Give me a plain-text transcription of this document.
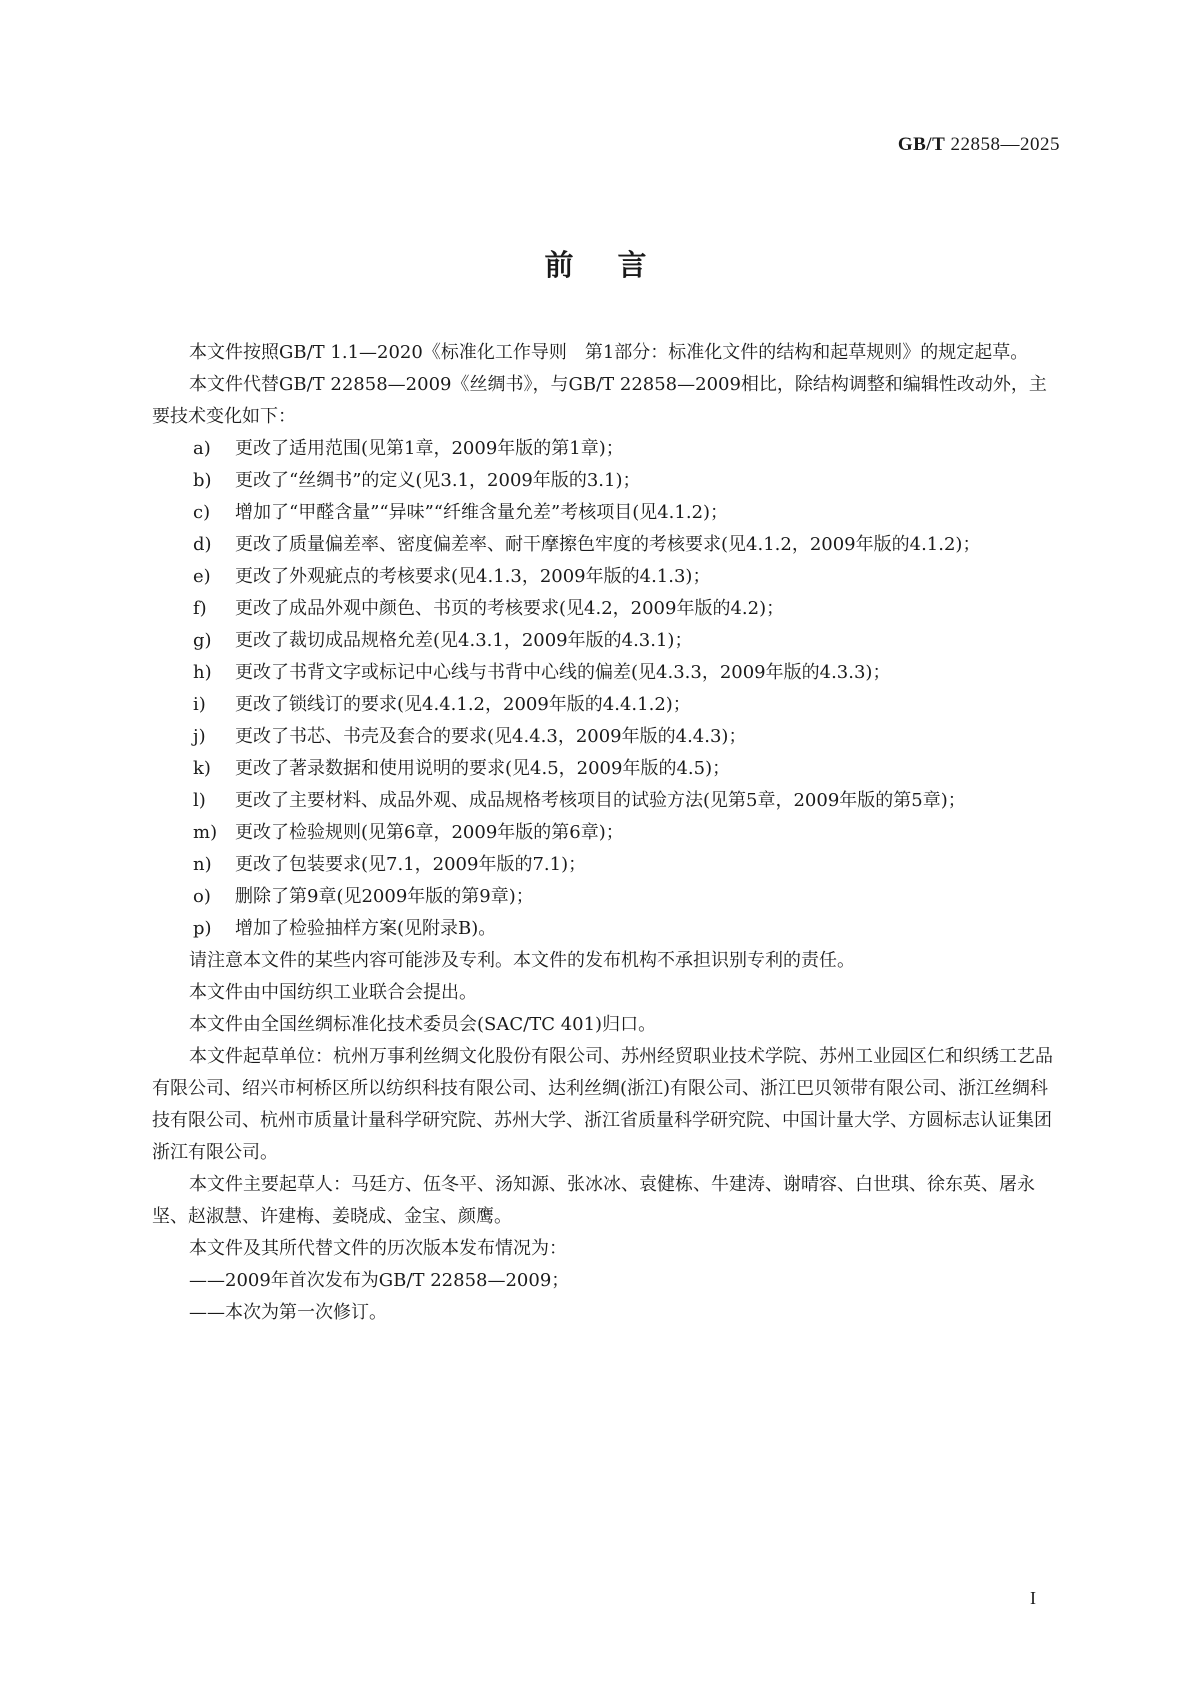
GB/T 22858—2025
前言

本文件按照GB/T 1.1—2020《标准化工作导则　第1部分：标准化文件的结构和起草规则》的规定起草。

本文件代替GB/T 22858—2009《丝绸书》，与GB/T 22858—2009相比，除结构调整和编辑性改动外，主要技术变化如下：

a) 更改了适用范围(见第1章，2009年版的第1章)；

b) 更改了“丝绸书”的定义(见3.1，2009年版的3.1)；

c) 增加了“甲醛含量”“异味”“纤维含量允差”考核项目(见4.1.2)；

d) 更改了质量偏差率、密度偏差率、耐干摩擦色牢度的考核要求(见4.1.2，2009年版的4.1.2)；

e) 更改了外观疵点的考核要求(见4.1.3，2009年版的4.1.3)；

f) 更改了成品外观中颜色、书页的考核要求(见4.2，2009年版的4.2)；

g) 更改了裁切成品规格允差(见4.3.1，2009年版的4.3.1)；

h) 更改了书背文字或标记中心线与书背中心线的偏差(见4.3.3，2009年版的4.3.3)；

i) 更改了锁线订的要求(见4.4.1.2，2009年版的4.4.1.2)；

j) 更改了书芯、书壳及套合的要求(见4.4.3，2009年版的4.4.3)；

k) 更改了著录数据和使用说明的要求(见4.5，2009年版的4.5)；

l) 更改了主要材料、成品外观、成品规格考核项目的试验方法(见第5章，2009年版的第5章)；

m) 更改了检验规则(见第6章，2009年版的第6章)；

n) 更改了包装要求(见7.1，2009年版的7.1)；

o) 删除了第9章(见2009年版的第9章)；

p) 增加了检验抽样方案(见附录B)。

请注意本文件的某些内容可能涉及专利。本文件的发布机构不承担识别专利的责任。

本文件由中国纺织工业联合会提出。

本文件由全国丝绸标准化技术委员会(SAC/TC 401)归口。

本文件起草单位：杭州万事利丝绸文化股份有限公司、苏州经贸职业技术学院、苏州工业园区仁和织绣工艺品有限公司、绍兴市柯桥区所以纺织科技有限公司、达利丝绸(浙江)有限公司、浙江巴贝领带有限公司、浙江丝绸科技有限公司、杭州市质量计量科学研究院、苏州大学、浙江省质量科学研究院、中国计量大学、方圆标志认证集团浙江有限公司。

本文件主要起草人：马廷方、伍冬平、汤知源、张冰冰、袁健栋、牛建涛、谢晴容、白世琪、徐东英、屠永坚、赵淑慧、许建梅、姜晓成、金宝、颜鹰。

本文件及其所代替文件的历次版本发布情况为：

——2009年首次发布为GB/T 22858—2009；

——本次为第一次修订。

I
